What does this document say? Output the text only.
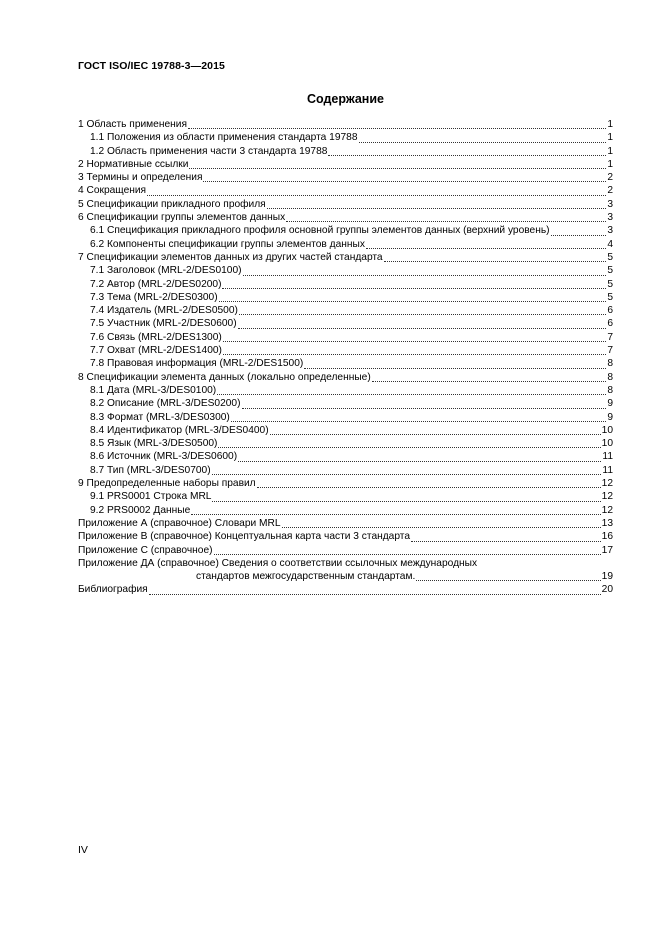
ГОСТ ISO/IEC 19788-3—2015
Содержание
1 Область применения	1
1.1 Положения из области применения стандарта 19788	1
1.2 Область применения части 3 стандарта 19788	1
2 Нормативные ссылки	1
3 Термины и определения	2
4 Сокращения	2
5 Спецификации прикладного профиля	3
6 Спецификации группы элементов данных	3
6.1 Спецификация прикладного профиля основной группы элементов данных (верхний уровень)	3
6.2 Компоненты спецификации группы элементов данных	4
7 Спецификации элементов данных из других частей стандарта	5
7.1 Заголовок (MRL-2/DES0100)	5
7.2 Автор (MRL-2/DES0200)	5
7.3 Тема (MRL-2/DES0300)	5
7.4 Издатель (MRL-2/DES0500)	6
7.5 Участник (MRL-2/DES0600)	6
7.6 Связь (MRL-2/DES1300)	7
7.7 Охват (MRL-2/DES1400)	7
7.8 Правовая информация (MRL-2/DES1500)	8
8 Спецификации элемента данных (локально определенные)	8
8.1 Дата (MRL-3/DES0100)	8
8.2 Описание (MRL-3/DES0200)	9
8.3 Формат (MRL-3/DES0300)	9
8.4 Идентификатор (MRL-3/DES0400)	10
8.5 Язык (MRL-3/DES0500)	10
8.6 Источник (MRL-3/DES0600)	11
8.7 Тип (MRL-3/DES0700)	11
9 Предопределенные наборы правил	12
9.1 PRS0001 Строка MRL	12
9.2 PRS0002 Данные	12
Приложение А (справочное) Словари MRL	13
Приложение В (справочное) Концептуальная карта части 3 стандарта	16
Приложение С (справочное)	17
Приложение ДА (справочное) Сведения о соответствии ссылочных международных
стандартов межгосударственным стандартам.	19
Библиография	20
IV
